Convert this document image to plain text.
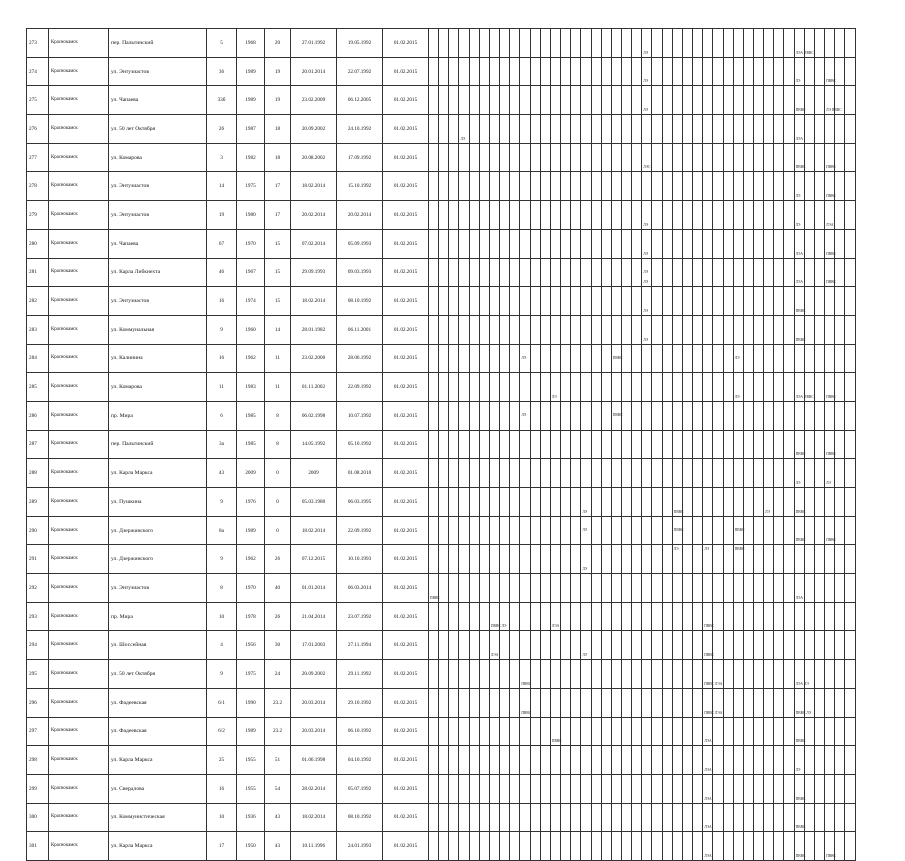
273	Краснокамск	пер. Пальтинский	5	1968	20	27.01.1992	19.05.1992	01.02.2015																						ЛЭ															ЛЭА ПВВС					

274	Краснокамск	ул. Энтузиастов	36	1989	19	20.01.2014	22.07.1992	01.02.2015																						ЛЭ															ЛЭ			ПВВС		

275	Краснокамск	ул. Чапаева	33б	1989	19	23.02.2009	06.12.2005	01.02.2015																						ЛЭ															ПВВС			ЛЭ ПВВС		

276	Краснокамск	ул. 50 лет Октября	26	1987	18	20.09.2002	24.10.1992	01.02.2015				ЛЭ																																	ЛЭА					

277	Краснокамск	ул. Комарова	3	1982	18	20.08.2002	17.09.1992	01.02.2015																						ЛЭС															ПВВС			ПВВС		

278	Краснокамск	ул. Энтузиастов	14	1975	17	18.02.2014	15.10.1992	01.02.2015																																					ЛЭ			ПВВС		

279	Краснокамск	ул. Энтузиастов	19	1980	17	20.02.2014	20.02.2014	01.02.2015																						ЛЭ															ЛЭ			ЛЭА		

280	Краснокамск	ул. Чапаева	67	1970	15	07.02.2014	05.09.1993	01.02.2015																						ЛЭ															ЛЭА			ПВВС		

281	Краснокамск	ул. Карла Либкнехта	46	1967	15	29.09.1993	09.03.1993	01.02.2015																						ЛЭ
ЛЭ															ЛЭА			ПВВС		

282	Краснокамск	ул. Энтузиастов	16	1974	15	18.02.2014	08.10.1992	01.02.2015																						ЛЭ															ПВВС					

283	Краснокамск	ул. Коммунальная	9	1960	14	28.01.1982	06.11.2001	01.02.2015																						ЛЭ															ПВВС					

284	Краснокамск	ул. Калинина	16	1962	11	23.02.2000	28.06.1992	01.02.2015										ЛЭ									ПВВС												ЛЭ											

285	Краснокамск	ул. Комарова	11	1983	11	01.11.2002	22.09.1992	01.02.2015													ЛЭ																		ЛЭ						ЛЭА ПВВС			ПВВС		

286	Краснокамск	пр. Мира	6	1985	8	06.02.1998	10.07.1992	01.02.2015										ЛЭ									ПВВС																							

287	Краснокамск	пер. Пальтинский	3a	1985	8	14.05.1992	05.10.1992	01.02.2015																																					ПВВС			ПВВС		

288	Краснокамск	ул. Карла Маркса	43	2009	0	2009	01.08.2010	01.02.2015																																					ЛЭ			ЛЭ		

289	Краснокамск	ул. Пушкина	9	1976	0	05.03.1980	06.03.1995	01.02.2015																ЛЭ									ПВВС									ЛЭ			ПВВС					

290	Краснокамск	ул. Дзержинского	8a	1989	0	18.02.2014	22.09.1992	01.02.2015																ЛЭ									ПВВС						ПВВС						ПВВС			ПВВС		

291	Краснокамск	ул. Дзержинского	9	1962	26	07.12.2015	10.10.1993	01.02.2015																ЛЭ									ЛЭ			ЛЭ			ПВВС											

292	Краснокамск	ул. Энтузиастов	8	1970	40	01.01.2014	06.03.2014	01.02.2015	ПВВС																																				ЛЭА					

293	Краснокамск	пр. Мира	10	1978	26	21.04.2014	23.07.1992	01.02.2015							ПВВС ЛЭ						ЛЭА															ПВВС														

294	Краснокамск	ул. Шоссейная	4	1956	30	17.01.2003	27.11.1994	01.02.2015							ЛЭА									ЛЭ												ПВВС														

295	Краснокамск	ул. 50 лет Октября	9	1975	24	20.09.2002	29.11.1992	01.02.2015										ПВВС																		ПВВС ЛЭА									ЛЭА ЛЭ					

296	Краснокамск	ул. Фадеевская	6/1	1990	23.2	20.03.2014	29.10.1992	01.02.2015										ПВВС																		ПВВС ЛЭА									ПВВС ЛЭ					

297	Краснокамск	ул. Фадеевская	6/2	1989	23.2	20.03.2014	06.10.1992	01.02.2015													ПВВС															ЛЭА									ПВВС					

298	Краснокамск	ул. Карла Маркса	25	1955	51	01.06.1998	04.10.1992	01.02.2015																												ЛЭА									ЛЭ					

299	Краснокамск	ул. Свердлова	16	1955	54	28.02.2014	05.07.1992	01.02.2015																												ЛЭА									ПВВС					

300	Краснокамск	ул. Коммунистическая	10	1936	43	18.02.2014	08.10.1992	01.02.2015																												ЛЭА									ПВВС					

301	Краснокамск	ул. Карла Маркса	17	1950	43	10.11.1996	24.01.1993	01.02.2015																												ЛЭА									ПВВС			ПВВС		
